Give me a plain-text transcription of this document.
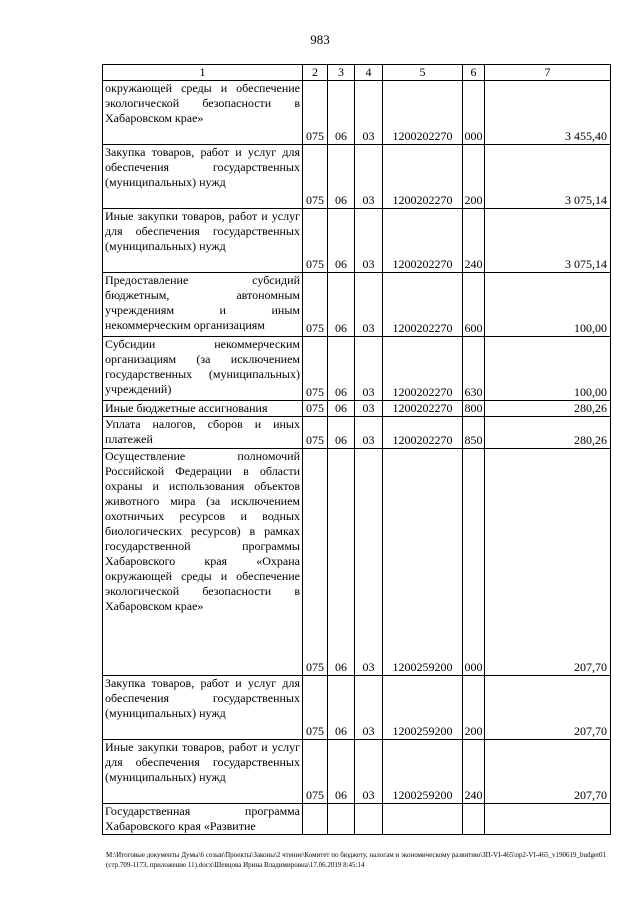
983
1	2	3	4	5	6	7
окружающей среды и обеспечение экологической безопасности в Хабаровском крае»	075	06	03	1200202270	000	3 455,40
Закупка товаров, работ и услуг для обеспечения государственных (муниципальных) нужд	075	06	03	1200202270	200	3 075,14
Иные закупки товаров, работ и услуг для обеспечения государственных (муниципальных) нужд	075	06	03	1200202270	240	3 075,14
Предоставление субсидий бюджетным, автономным учреждениям и иным некоммерческим организациям	075	06	03	1200202270	600	100,00
Субсидии некоммерческим организациям (за исключением государственных (муниципальных) учреждений)	075	06	03	1200202270	630	100,00
Иные бюджетные ассигнования	075	06	03	1200202270	800	280,26
Уплата налогов, сборов и иных платежей	075	06	03	1200202270	850	280,26
Осуществление полномочий Российской Федерации в области охраны и использования объектов животного мира (за исключением охотничьих ресурсов и водных биологических ресурсов) в рамках государственной программы Хабаровского края «Охрана окружающей среды и обеспечение экологической безопасности в Хабаровском крае»	075	06	03	1200259200	000	207,70
Закупка товаров, работ и услуг для обеспечения государственных (муниципальных) нужд	075	06	03	1200259200	200	207,70
Иные закупки товаров, работ и услуг для обеспечения государственных (муниципальных) нужд	075	06	03	1200259200	240	207,70
Государственная программа Хабаровского края «Развитие						
M:\Итоговые документы Думы\6 созыв\Проекты\Законы\2 чтение\Комитет по бюджету, налогам и экономическому развитию\ЗП-VI-465\пр2-VI-465_v190619_budget01 (стр.709-1173, приложение 11).docx\Шевцова Ирина Владимировна\17.06.2019 8:45:14
